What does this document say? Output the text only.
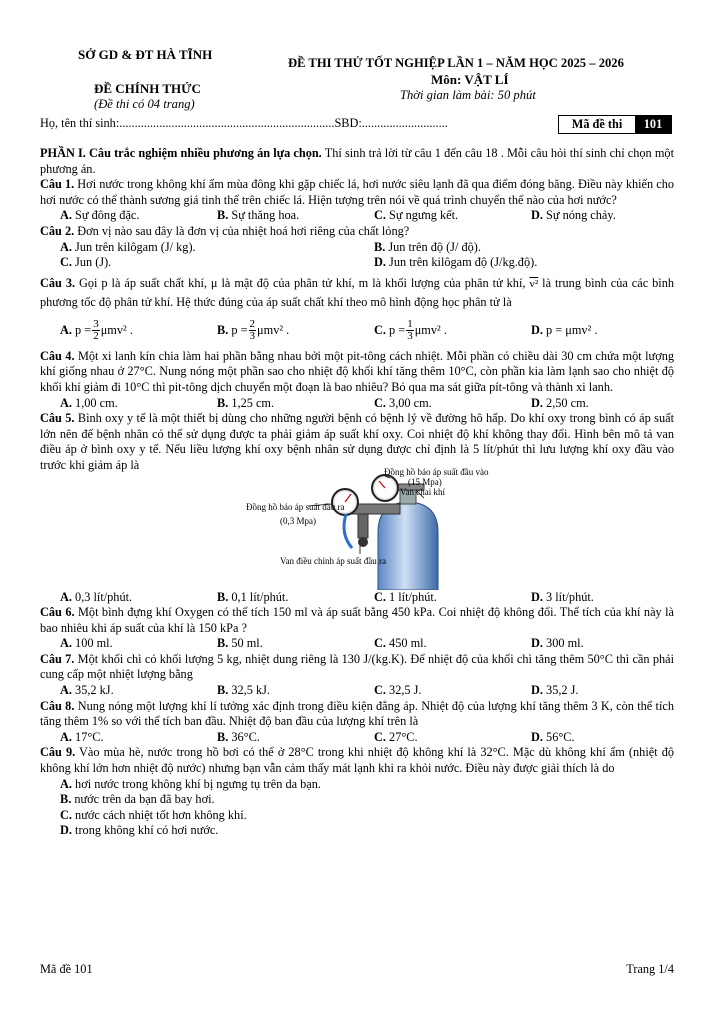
SỞ GD & ĐT HÀ TĨNH
ĐỀ THI THỬ TỐT NGHIỆP LẦN 1 – NĂM HỌC 2025 – 2026
Môn: VẬT LÍ
ĐỀ CHÍNH THỨC	Thời gian làm bài: 50 phút
(Đề thi có 04 trang)
Họ, tên thí sinh:......................................................................SBD:............................	Mã đề thi	101
PHẦN I. Câu trắc nghiệm nhiều phương án lựa chọn. Thí sinh trả lời từ câu 1 đến câu 18 . Mỗi câu hỏi thí sinh chỉ chọn một phương án.
Câu 1. Hơi nước trong không khí ẩm mùa đông khi gặp chiếc lá, hơi nước siêu lạnh đã qua điểm đóng băng. Điều này khiến cho hơi nước có thể thành sương giá tinh thể trên chiếc lá. Hiện tượng trên nói về quá trình chuyển thể nào của hơi nước?
A. Sự đông đặc.	B. Sự thăng hoa.	C. Sự ngưng kết.	D. Sự nóng chảy.
Câu 2. Đơn vị nào sau đây là đơn vị của nhiệt hoá hơi riêng của chất lỏng?
A. Jun trên kilôgam (J/ kg).	B. Jun trên độ (J/ độ).
C. Jun (J).	D. Jun trên kilôgam độ (J/kg.độ).
Câu 3. Gọi p là áp suất chất khí, μ là mật độ của phân tử khí, m là khối lượng của phân tử khí, v² là trung bình của các bình phương tốc độ phân tử khí. Hệ thức đúng của áp suất chất khí theo mô hình động học phân tử là
A. $p = \frac{3}{2} \mu mv^2$ .	B. $p = \frac{2}{3} \mu mv^2$ .	C. $p = \frac{1}{3} \mu mv^2$ .	D. p = μmv² .
Câu 4. Một xi lanh kín chia làm hai phần bằng nhau bởi một pit-tông cách nhiệt. Mỗi phần có chiều dài 30 cm chứa một lượng khí giống nhau ở 27°C. Nung nóng một phần sao cho nhiệt độ khối khí tăng thêm 10°C, còn phần kia làm lạnh sao cho nhiệt độ khối khí giảm đi 10°C thì pit-tông dịch chuyển một đoạn là bao nhiêu? Bỏ qua ma sát giữa pít-tông và thành xi lanh.
A. 1,00 cm.	B. 1,25 cm.	C. 3,00 cm.	D. 2,50 cm.
Câu 5. Bình oxy y tế là một thiết bị dùng cho những người bệnh có bệnh lý về đường hô hấp. Do khí oxy trong bình có áp suất lớn nên để bệnh nhân có thể sử dụng được ta phải giảm áp suất khí oxy. Coi nhiệt độ khí không thay đổi. Hình bên mô tả van điều áp ở bình oxy y tế. Nếu liều lượng khí oxy bệnh nhân sử dụng được chỉ định là 5 lít/phút thì lưu lượng khí oxy đầu vào trước khi giảm áp là	Đồng hồ báo áp suất đầu vào
(15 Mpa)
Van chai khí
Đồng hồ báo áp suất đầu ra
(0,3 Mpa)
Van điều chỉnh áp suất đầu ra
A. 0,3 lít/phút.	B. 0,1 lít/phút.	C. 1 lít/phút.	D. 3 lít/phút.
Câu 6. Một bình đựng khí Oxygen có thể tích 150 ml và áp suất bằng 450 kPa. Coi nhiệt độ không đổi. Thể tích của khí này là bao nhiêu khi áp suất của khí là 150 kPa ?
A. 100 ml.	B. 50 ml.	C. 450 ml.	D. 300 ml.
Câu 7. Một khối chì có khối lượng 5 kg, nhiệt dung riêng là 130 J/(kg.K). Để nhiệt độ của khối chì tăng thêm 50°C thì cần phải cung cấp một nhiệt lượng bằng
A. 35,2 kJ.	B. 32,5 kJ.	C. 32,5 J.	D. 35,2 J.
Câu 8. Nung nóng một lượng khí lí tưởng xác định trong điều kiện đẳng áp. Nhiệt độ của lượng khí tăng thêm 3 K, còn thể tích tăng thêm 1% so với thể tích ban đầu. Nhiệt độ ban đầu của lượng khí trên là
A. 17°C.	B. 36°C.	C. 27°C.	D. 56°C.
Câu 9. Vào mùa hè, nước trong hồ bơi có thể ở 28°C trong khi nhiệt độ không khí là 32°C. Mặc dù không khí ẩm (nhiệt độ không khí lớn hơn nhiệt độ nước) nhưng bạn vẫn cảm thấy mát lạnh khi ra khỏi nước. Điều này được giải thích là do
A. hơi nước trong không khí bị ngưng tụ trên da bạn.
B. nước trên da bạn đã bay hơi.
C. nước cách nhiệt tốt hơn không khí.
D. trong không khí có hơi nước.
Mã đề 101	Trang 1/4
